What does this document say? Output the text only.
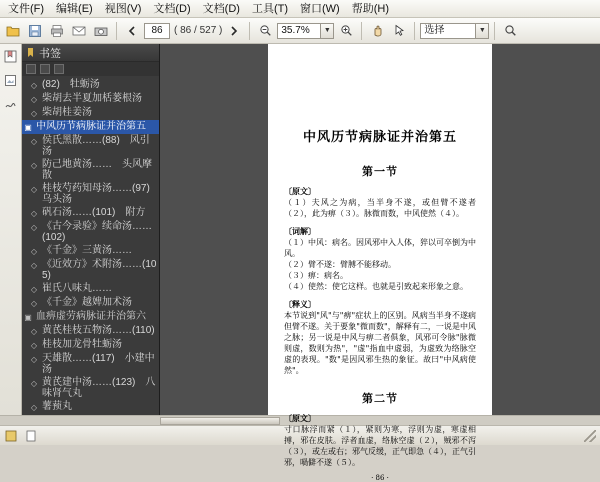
文件(F)	编辑(E)	视图(V)	文档(D)	文档(D)	工具(T)	窗口(W)	帮助(H)
86	( 86 / 527 )	35.7%	▼	选择	▼
书签
◇ (82)　牡蛎汤
◇ 柴胡去半夏加栝蒌根汤
◇ 柴胡桂姜汤
▣ 中风历节病脉证并治第五
◇ 侯氏黑散……(88)　风引汤
◇ 防己地黄汤……　头风摩散
◇ 桂枝芍药知母汤……(97)　乌头汤
◇ 矾石汤……(101)　附方
◇ 《古今录验》续命汤……(102)
◇ 《千金》三黄汤……
◇ 《近效方》术附汤……(105)
◇ 崔氏八味丸……
◇ 《千金》越婢加术汤
▣ 血痹虚劳病脉证并治第六
◇ 黄芪桂枝五物汤……(110)
◇ 桂枝加龙骨牡蛎汤
◇ 天雄散……(117)　小建中汤
◇ 黄芪建中汤……(123)　八味肾气丸
◇ 薯蓣丸
中风历节病脉证并治第五
第一节
〔原文〕
（１）夫风之为病，当半身不遂，或但臂不遂者（２），此为痹（３）。脉微而数，中风使然（４）。
〔词解〕
（１）中风：病名。因风邪中入人体，猝以可卒倒为中风。
（２）臂不遂：臂膊不能移动。
（３）痹：病名。
（４）使然：使它这样。也就是引致起来形象之意。
〔释义〕
本节说到"风"与"痹"症状上的区别。风病当半身不遂病但臂不遂。关于要象"微而数"，解释有二，一说是中风之脉；另一说是中风与痹二者俱象，风邪可令脉"脉微则虚，数则为热"，"虚"指血中虚弱，为虚致为络脉空虚的表现。"数"是因风邪生热的象征。故曰"中风病使然"。
第二节
〔原文〕
寸口脉浮而紧（１），紧则为寒，浮则为虚，寒虚相搏，邪在皮肤。浮者血虚，络脉空虚（２），贼邪不泻（３），或左或右；邪气反缓，正气即急（４），正气引邪，喎僻不遂（５）。
· 86 ·
